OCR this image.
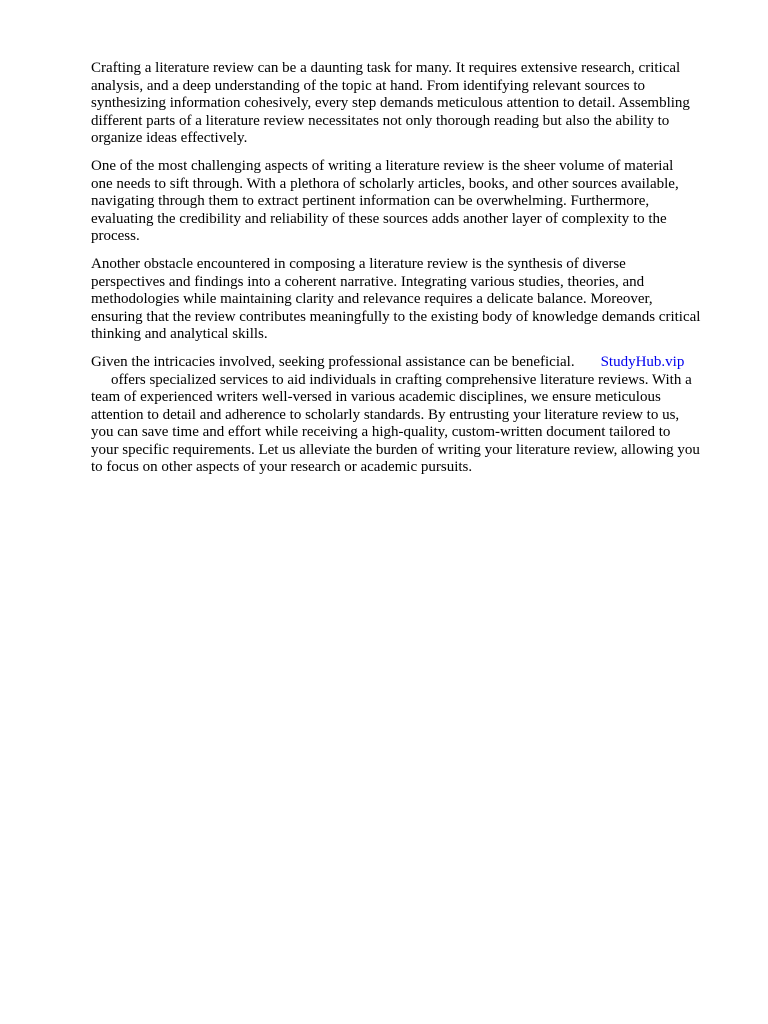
Crafting a literature review can be a daunting task for many. It requires extensive research, critical
analysis, and a deep understanding of the topic at hand. From identifying relevant sources to
synthesizing information cohesively, every step demands meticulous attention to detail. Assembling
different parts of a literature review necessitates not only thorough reading but also the ability to
organize ideas effectively.

One of the most challenging aspects of writing a literature review is the sheer volume of material
one needs to sift through. With a plethora of scholarly articles, books, and other sources available,
navigating through them to extract pertinent information can be overwhelming. Furthermore,
evaluating the credibility and reliability of these sources adds another layer of complexity to the
process.

Another obstacle encountered in composing a literature review is the synthesis of diverse
perspectives and findings into a coherent narrative. Integrating various studies, theories, and
methodologies while maintaining clarity and relevance requires a delicate balance. Moreover,
ensuring that the review contributes meaningfully to the existing body of knowledge demands critical
thinking and analytical skills.

Given the intricacies involved, seeking professional assistance can be beneficial. StudyHub.vip
offers specialized services to aid individuals in crafting comprehensive literature reviews. With a
team of experienced writers well-versed in various academic disciplines, we ensure meticulous
attention to detail and adherence to scholarly standards. By entrusting your literature review to us,
you can save time and effort while receiving a high-quality, custom-written document tailored to
your specific requirements. Let us alleviate the burden of writing your literature review, allowing you
to focus on other aspects of your research or academic pursuits.
